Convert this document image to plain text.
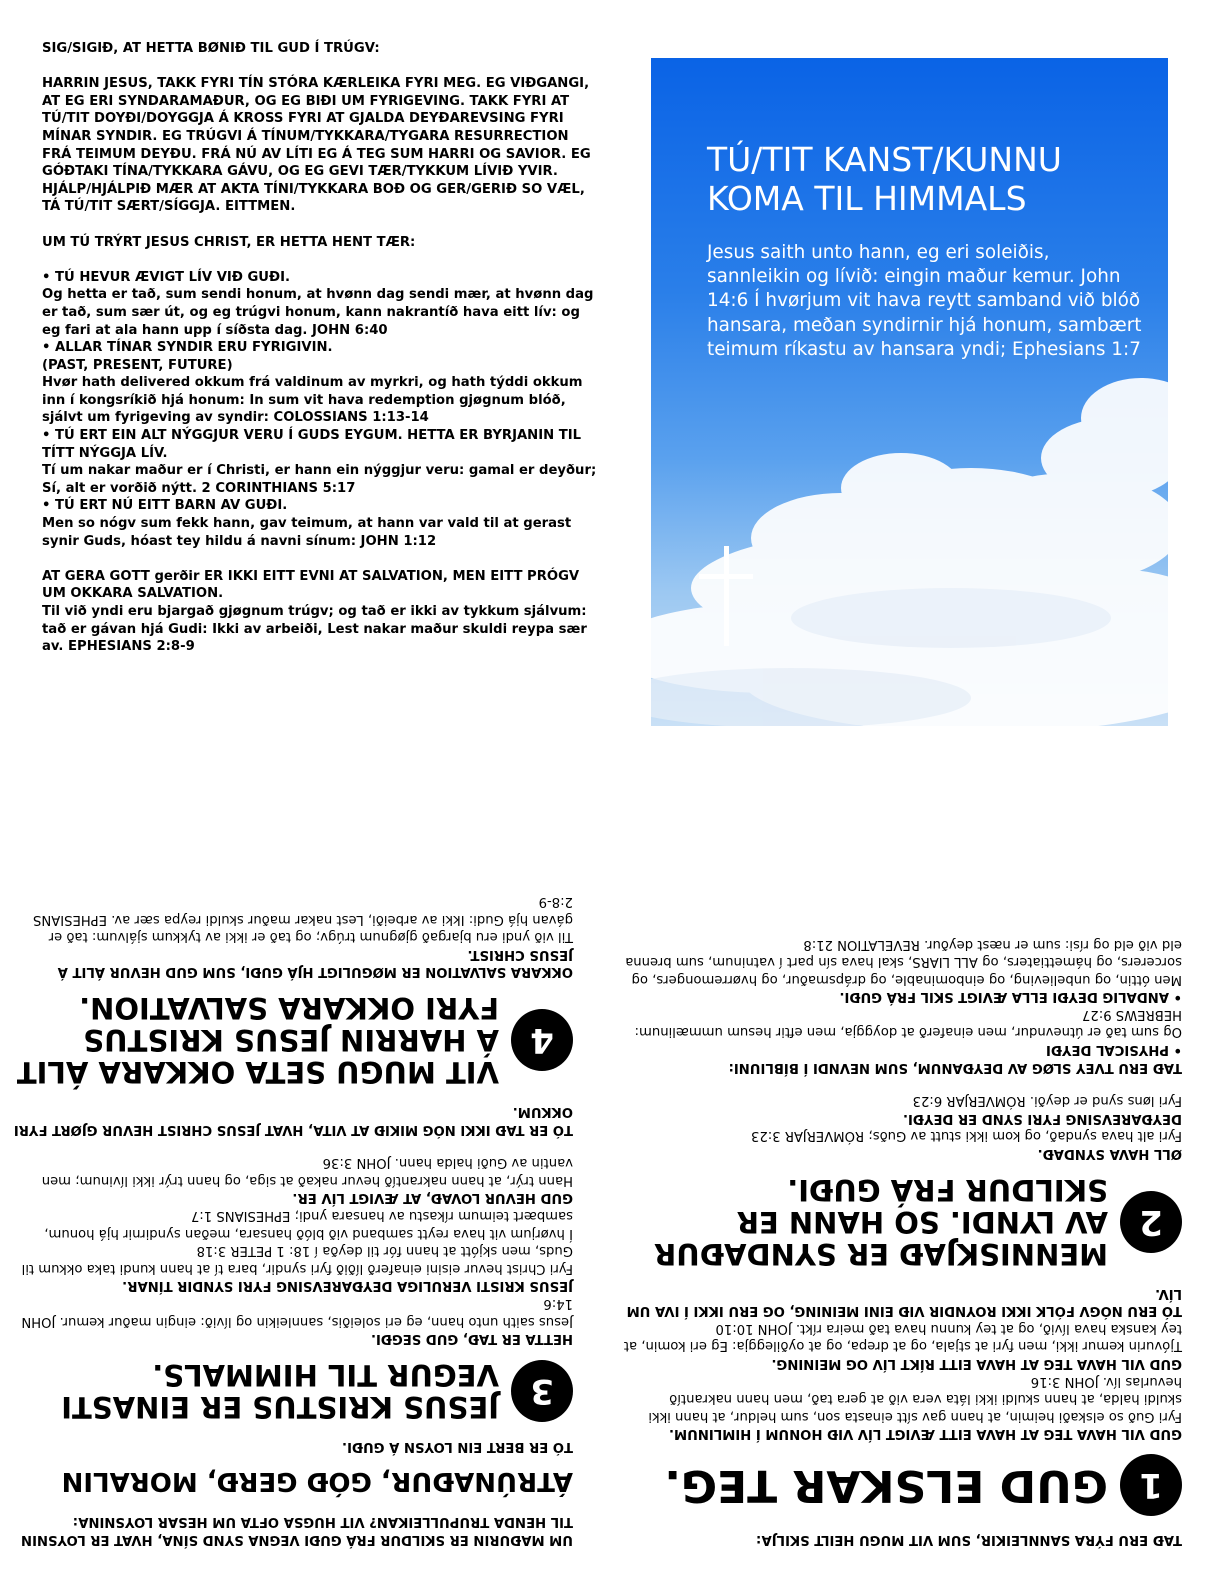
SIG/SIGIÐ, AT HETTA BØNIÐ TIL GUD Í TRÚGV:

HARRIN JESUS, TAKK FYRI TÍN STÓRA KÆRLEIKA FYRI MEG. EG VIÐGANGI, AT EG ERI SYNDARAMAÐUR, OG EG BIÐI UM FYRIGEVING. TAKK FYRI AT TÚ/TIT DOYÐI/DOYGGJA Á KROSS FYRI AT GJALDA DEYÐAREVSING FYRI MÍNAR SYNDIR. EG TRÚGVI Á TÍNUM/TYKKARA/TYGARA RESURRECTION FRÁ TEIMUM DEYÐU. FRÁ NÚ AV LÍTI EG Á TEG SUM HARRI OG SAVIOR. EG GÓÐTAKI TÍNA/TYKKARA GÁVU, OG EG GEVI TÆR/TYKKUM LÍVIÐ YVIR. HJÁLP/HJÁLPIÐ MÆR AT AKTA TÍNI/TYKKARA BOÐ OG GER/GERIÐ SO VÆL, TÁ TÚ/TIT SÆRT/SÍGGJA. EITTMEN.

UM TÚ TRÝRT JESUS CHRIST, ER HETTA HENT TÆR:

• TÚ HEVUR ÆVIGT LÍV VIÐ GUÐI.

Og hetta er tað, sum sendi honum, at hvønn dag sendi mær, at hvønn dag er tað, sum sær út, og eg trúgvi honum, kann nakrantíð hava eitt lív: og eg fari at ala hann upp í síðsta dag. JOHN 6:40

• ALLAR TÍNAR SYNDIR ERU FYRIGIVIN.

(PAST, PRESENT, FUTURE)

Hvør hath delivered okkum frá valdinum av myrkri, og hath týddi okkum inn í kongsríkið hjá honum: In sum vit hava redemption gjøgnum blóð, sjálvt um fyrigeving av syndir: COLOSSIANS 1:13-14

• TÚ ERT EIN ALT NÝGGJUR VERU Í GUDS EYGUM. HETTA ER BYRJANIN TIL TÍTT NÝGGJA LÍV.

Tí um nakar maður er í Christi, er hann ein nýggjur veru: gamal er deyður; Sí, alt er vorðið nýtt. 2 CORINTHIANS 5:17

• TÚ ERT NÚ EITT BARN AV GUÐI.

Men so nógv sum fekk hann, gav teimum, at hann var vald til at gerast synir Guds, hóast tey hildu á navni sínum: JOHN 1:12

AT GERA GOTT gerðir ER IKKI EITT EVNI AT SALVATION, MEN EITT PRÓGV UM OKKARA SALVATION.

Til við yndi eru bjargað gjøgnum trúgv; og tað er ikki av tykkum sjálvum: tað er gávan hjá Gudi: Ikki av arbeiði, Lest nakar maður skuldi reypa sær av. EPHESIANS 2:8-9

TÚ/TIT KANST/KUNNU KOMA TIL HIMMALS
Jesus saith unto hann, eg eri soleiðis, sannleikin og lívið: eingin maður kemur. John 14:6 Í hvørjum vit hava reytt samband við blóð hansara, meðan syndirnir hjá honum, sambært teimum ríkastu av hansara yndi; Ephesians 1:7

TAÐ ERU FÝRA SANNLEIKIR, SUM VIT MUGU HEILT SKILJA:

1
GUD ELSKAR TEG.

GUD VIL HAVA TEG AT HAVA EITT ÆVIGT LÍV VIÐ HONUM Í HIMLINUM.

Fyri Guð so elskaði heimin, at hann gav sítt einasta son, sum heldur, at hann ikki skuldi halda, at hann skuldi ikki láta vera við at gera tað, men hann nakrantíð hevurlas lív. JOHN 3:16

GUD VIL HAVA TEG AT HAVA EITT RÍKT LÍV OG MEINING.

Tjóvurin kemur ikki, men fyri at stjala, og at drepa, og at oyðileggja: Eg eri komin, at tey kanska hava lívið, og at tey kunnu hava tað meira ríkt. JOHN 10:10

TÓ ERU NÓGV FÓLK IKKI ROYNDIR VIÐ EINI MEINING, OG ERU IKKI Í IVA UM LÍV.

2
MENNISKJAÐ ER SYNDAÐUR AV LYNDI. SO HANN ER SKILDUR FRÁ GUÐI.

ØLL HAVA SYNDAÐ.

Fyri alt hava syndað, og kom ikki stutt av Guðs; RÓMVERJAR 3:23

DEYÐAREVSING FYRI SYND ER DEYÐI.

Fyri løns synd er deyði. RÓMVERJAR 6:23

TAÐ ERU TVEY SLØG AV DEYÐANUM, SUM NEVNDI Í BÍBLIUNI:

• PHYSICAL DEYÐI

Og sum tað er útnevndur, men einaferð at doyggja, men eftir hesum ummælinum: HEBREWS 9:27

• ANDALIG DEYÐI ELLA ÆVIGT SKIL FRÁ GUÐI.

Men óttin, og unbelieving, og einbominable, og drápsmaður, og hvørremongers, og sorcerers, og hámettiaters, og ALL LIARS, skal hava sín part í vatninum, sum brenna eld við eld og rísi: sum er næst deyður. REVELATION 21:8

UM MAÐURIN ER SKILDUR FRÁ GUÐI VEGNA SYND SÍNA, HVAT ER LOYSNIN TIL HENDA TRUPULLEIKAN? VIT HUGSA OFTA UM HESAR LOYSNINA:

ÁTRÚNAÐUR, GÓÐ GERÐ, MORALIN

TÓ ER BERT EIN LOYSN Á GUÐI.

3
JESUS KRISTUS ER EINASTI VEGUR TIL HIMMALS.

HETTA ER TAÐ, GUD SEGÐI.

Jesus saith unto hann, eg eri soleiðis, sannleikin og lívið: eingin maður kemur. JOHN 14:6

JESUS KRISTI VERULIGA DEYÐAREVSING FYRI SYNDIR TÍNAR.

Fyri Christ hevur eisini einaferð líðið fyri syndir, bara tí at hann kundi taka okkum til Guds, men skjótt at hann fór til deyða í 18: 1 PETER 3:18

Í hvørjum vit hava reytt samband við blóð hansara, meðan syndirnir hjá honum, sambært teimum ríkastu av hansara yndi; EPHESIANS 1:7

GUD HEVUR LOVAÐ, AT ÆVIGT LÍV ER.

Hann trýr, at hann nakrantíð hevur nakað at siga, og hann trýr ikki lívinum; men vantin av Guði halda hann. JOHN 3:36

TÓ ER TAÐ IKKI NÓG MIKIÐ AT VITA, HVAT JESUS CHRIST HEVUR GJØRT FYRI OKKUM.

4
VIT MUGU SETA OKKARA ÁLIT Á HARRIN JESUS KRISTUS FYRI OKKARA SALVATION.

OKKARA SALVATION ER MØGULIGT HJÁ GUÐI, SUM GUD HEVUR ÁLIT Á JESUS CHRIST.

Til við yndi eru bjargað gjøgnum trúgv; og tað er ikki av tykkum sjálvum: tað er gávan hjá Gudi: Ikki av arbeiði, Lest nakar maður skuldi reypa sær av. EPHESIANS 2:8-9
